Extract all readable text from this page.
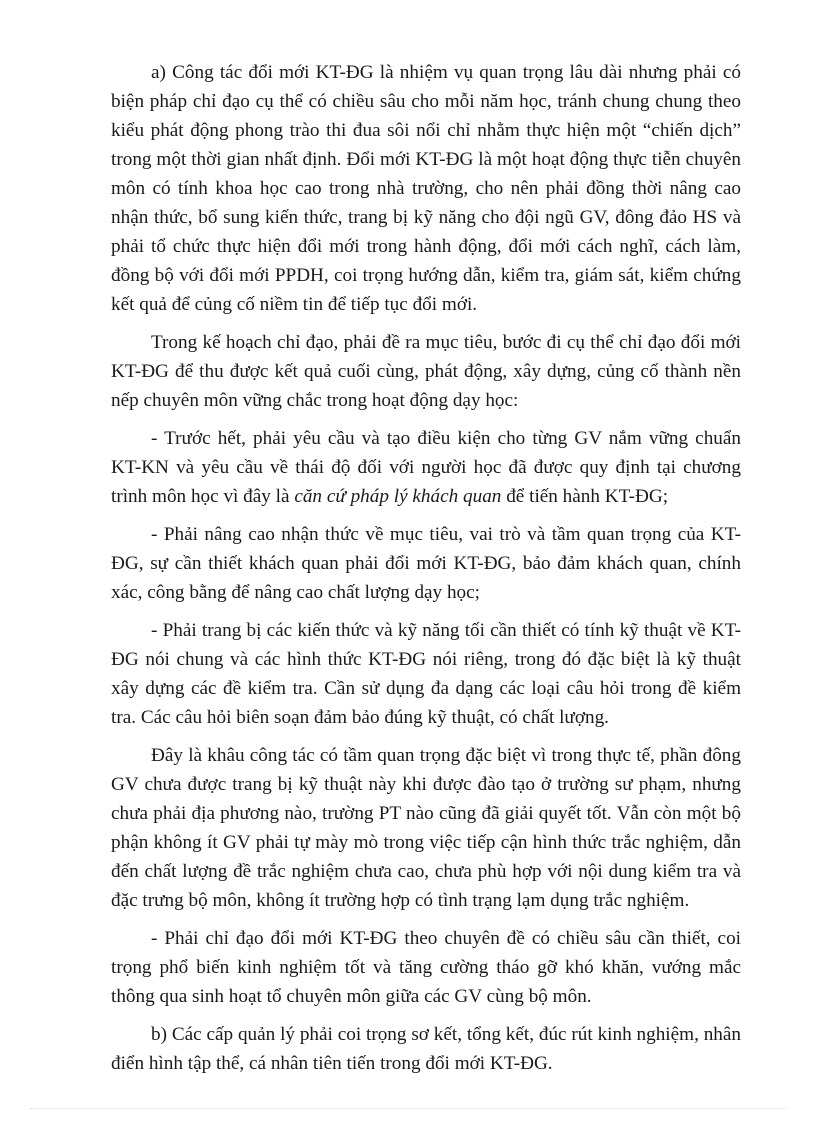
a) Công tác đổi mới KT-ĐG là nhiệm vụ quan trọng lâu dài nhưng phải có biện pháp chỉ đạo cụ thể có chiều sâu cho mỗi năm học, tránh chung chung theo kiểu phát động phong trào thi đua sôi nổi chỉ nhằm thực hiện một “chiến dịch” trong một thời gian nhất định. Đổi mới KT-ĐG là một hoạt động thực tiễn chuyên môn có tính khoa học cao trong nhà trường, cho nên phải đồng thời nâng cao nhận thức, bổ sung kiến thức, trang bị kỹ năng cho đội ngũ GV, đông đảo HS và phải tổ chức thực hiện đổi mới trong hành động, đổi mới cách nghĩ, cách làm, đồng bộ với đổi mới PPDH, coi trọng hướng dẫn, kiểm tra, giám sát, kiểm chứng kết quả để củng cố niềm tin để tiếp tục đổi mới.

Trong kế hoạch chỉ đạo, phải đề ra mục tiêu, bước đi cụ thể chỉ đạo đổi mới KT-ĐG để thu được kết quả cuối cùng, phát động, xây dựng, củng cố thành nền nếp chuyên môn vững chắc trong hoạt động dạy học:

- Trước hết, phải yêu cầu và tạo điều kiện cho từng GV nắm vững chuẩn KT-KN và yêu cầu về thái độ đối với người học đã được quy định tại chương trình môn học vì đây là căn cứ pháp lý khách quan để tiến hành KT-ĐG;

- Phải nâng cao nhận thức về mục tiêu, vai trò và tầm quan trọng của KT-ĐG, sự cần thiết khách quan phải đổi mới KT-ĐG, bảo đảm khách quan, chính xác, công bằng để nâng cao chất lượng dạy học;

- Phải trang bị các kiến thức và kỹ năng tối cần thiết có tính kỹ thuật về KT-ĐG nói chung và các hình thức KT-ĐG nói riêng, trong đó đặc biệt là kỹ thuật xây dựng các đề kiểm tra. Cần sử dụng đa dạng các loại câu hỏi trong đề kiểm tra. Các câu hỏi biên soạn đảm bảo đúng kỹ thuật, có chất lượng.

Đây là khâu công tác có tầm quan trọng đặc biệt vì trong thực tế, phần đông GV chưa được trang bị kỹ thuật này khi được đào tạo ở trường sư phạm, nhưng chưa phải địa phương nào, trường PT nào cũng đã giải quyết tốt. Vẫn còn một bộ phận không ít GV phải tự mày mò trong việc tiếp cận hình thức trắc nghiệm, dẫn đến chất lượng đề trắc nghiệm chưa cao, chưa phù hợp với nội dung kiểm tra và đặc trưng bộ môn, không ít trường hợp có tình trạng lạm dụng trắc nghiệm.

- Phải chỉ đạo đổi mới KT-ĐG theo chuyên đề có chiều sâu cần thiết, coi trọng phổ biến kinh nghiệm tốt và tăng cường tháo gỡ khó khăn, vướng mắc thông qua sinh hoạt tổ chuyên môn giữa các GV cùng bộ môn.

b) Các cấp quản lý phải coi trọng sơ kết, tổng kết, đúc rút kinh nghiệm, nhân điển hình tập thể, cá nhân tiên tiến trong đổi mới KT-ĐG.
